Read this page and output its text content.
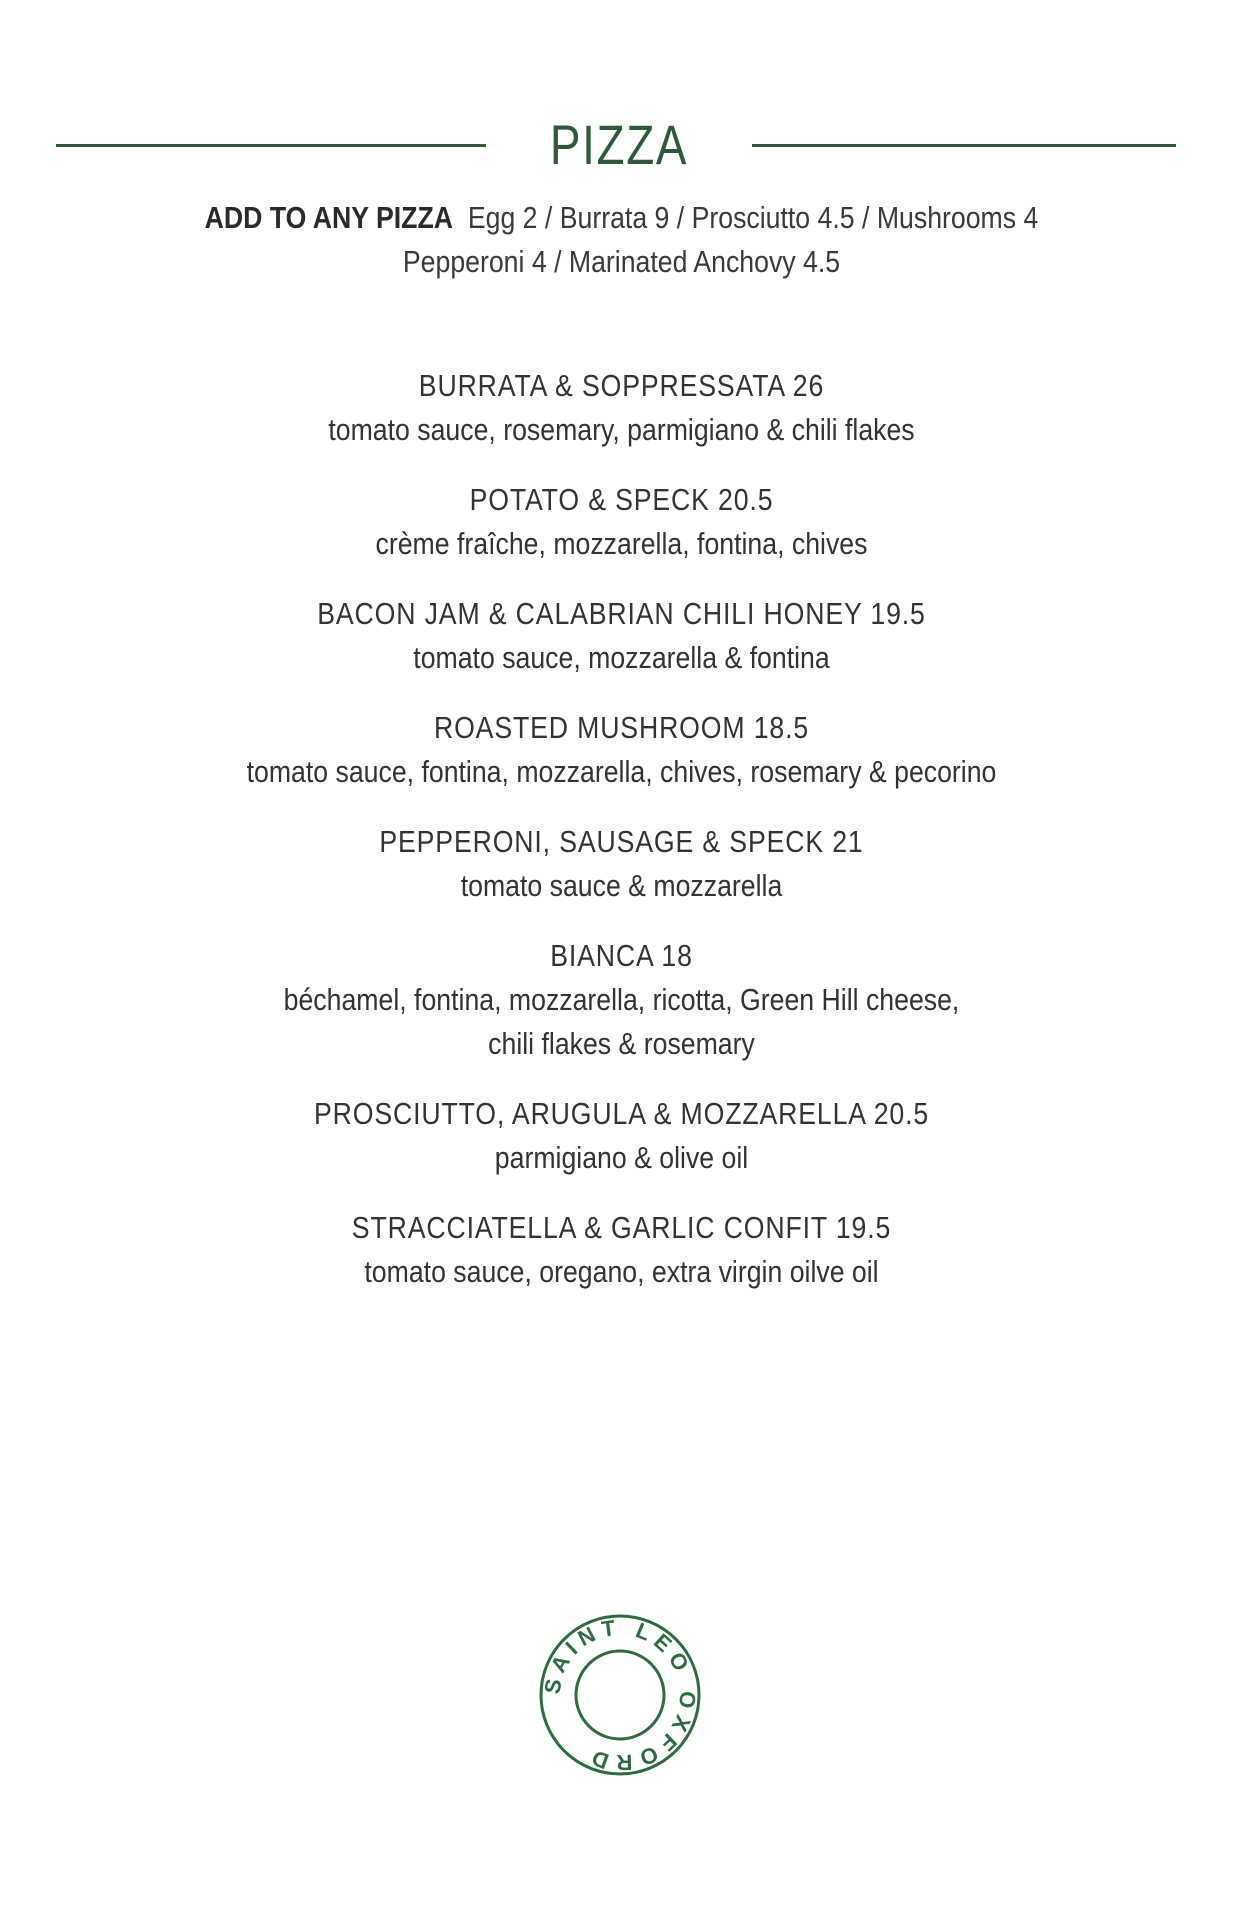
PIZZA
ADD TO ANY PIZZA Egg 2 / Burrata 9 / Prosciutto 4.5 / Mushrooms 4
Pepperoni 4 / Marinated Anchovy 4.5
BURRATA & SOPPRESSATA 26
tomato sauce, rosemary, parmigiano & chili flakes
POTATO & SPECK 20.5
crème fraîche, mozzarella, fontina, chives
BACON JAM & CALABRIAN CHILI HONEY 19.5
tomato sauce, mozzarella & fontina
ROASTED MUSHROOM 18.5
tomato sauce, fontina, mozzarella, chives, rosemary & pecorino
PEPPERONI, SAUSAGE & SPECK 21
tomato sauce & mozzarella
BIANCA 18
béchamel, fontina, mozzarella, ricotta, Green Hill cheese,
chili flakes & rosemary
PROSCIUTTO, ARUGULA & MOZZARELLA 20.5
parmigiano & olive oil
STRACCIATELLA & GARLIC CONFIT 19.5
tomato sauce, oregano, extra virgin oilve oil
SAINT LEO OXFORD
